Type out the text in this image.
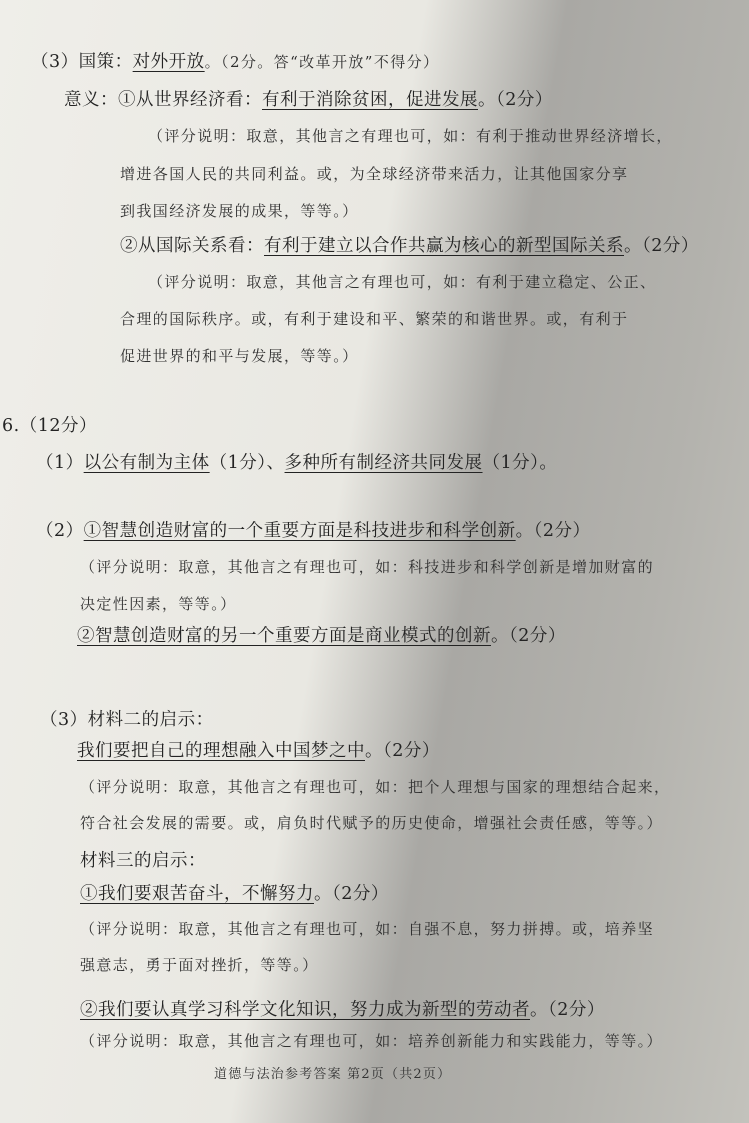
（3）国策：对外开放。（2分。答“改革开放”不得分）
意义：①从世界经济看：有利于消除贫困，促进发展。（2分）
（评分说明：取意，其他言之有理也可，如：有利于推动世界经济增长，
增进各国人民的共同利益。或，为全球经济带来活力，让其他国家分享
到我国经济发展的成果，等等。）
②从国际关系看：有利于建立以合作共赢为核心的新型国际关系。（2分）
（评分说明：取意，其他言之有理也可，如：有利于建立稳定、公正、
合理的国际秩序。或，有利于建设和平、繁荣的和谐世界。或，有利于
促进世界的和平与发展，等等。）
6.（12分）
（1）以公有制为主体（1分）、多种所有制经济共同发展（1分）。
（2）①智慧创造财富的一个重要方面是科技进步和科学创新。（2分）
（评分说明：取意，其他言之有理也可，如：科技进步和科学创新是增加财富的
决定性因素，等等。）
②智慧创造财富的另一个重要方面是商业模式的创新。（2分）
（3）材料二的启示：
我们要把自己的理想融入中国梦之中。（2分）
（评分说明：取意，其他言之有理也可，如：把个人理想与国家的理想结合起来，
符合社会发展的需要。或，肩负时代赋予的历史使命，增强社会责任感，等等。）
材料三的启示：
①我们要艰苦奋斗，不懈努力。（2分）
（评分说明：取意，其他言之有理也可，如：自强不息，努力拼搏。或，培养坚
强意志，勇于面对挫折，等等。）
②我们要认真学习科学文化知识，努力成为新型的劳动者。（2分）
（评分说明：取意，其他言之有理也可，如：培养创新能力和实践能力，等等。）
道德与法治参考答案 第2页（共2页）
